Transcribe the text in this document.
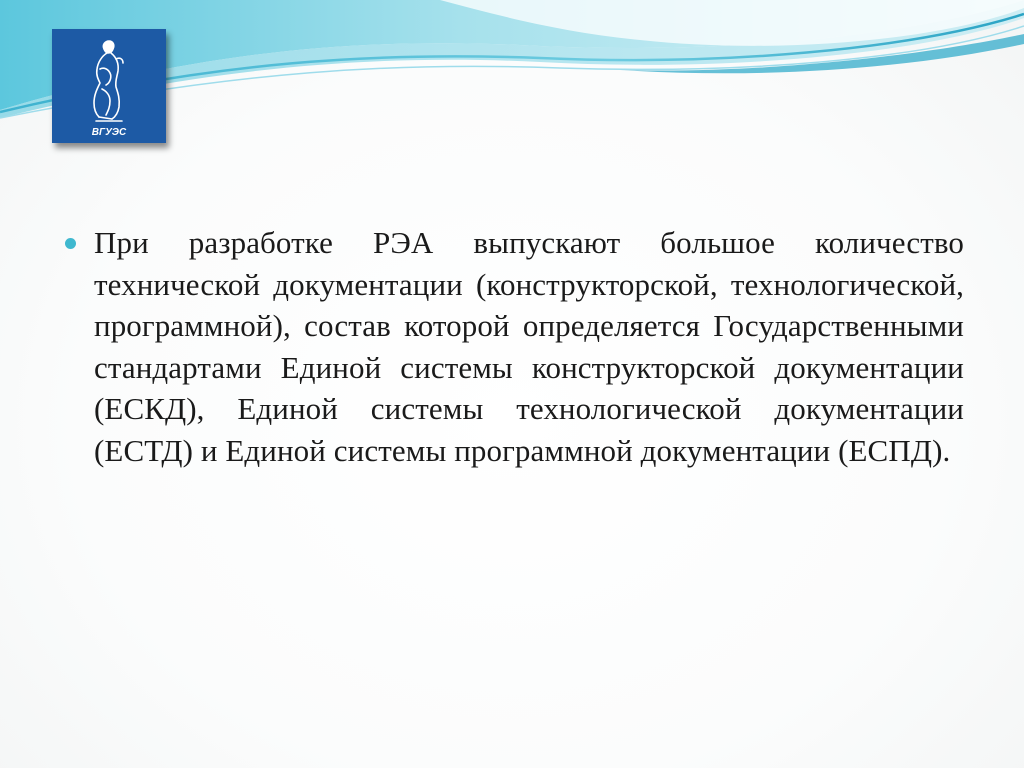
ВГУЭС
При разработке РЭА выпускают большое количество технической документации (конструкторской, технологической, программной), состав которой определяется Государственными стандартами Единой системы конструкторской документации (ЕСКД), Единой системы технологической документации (ЕСТД) и Единой системы программной документации (ЕСПД).
